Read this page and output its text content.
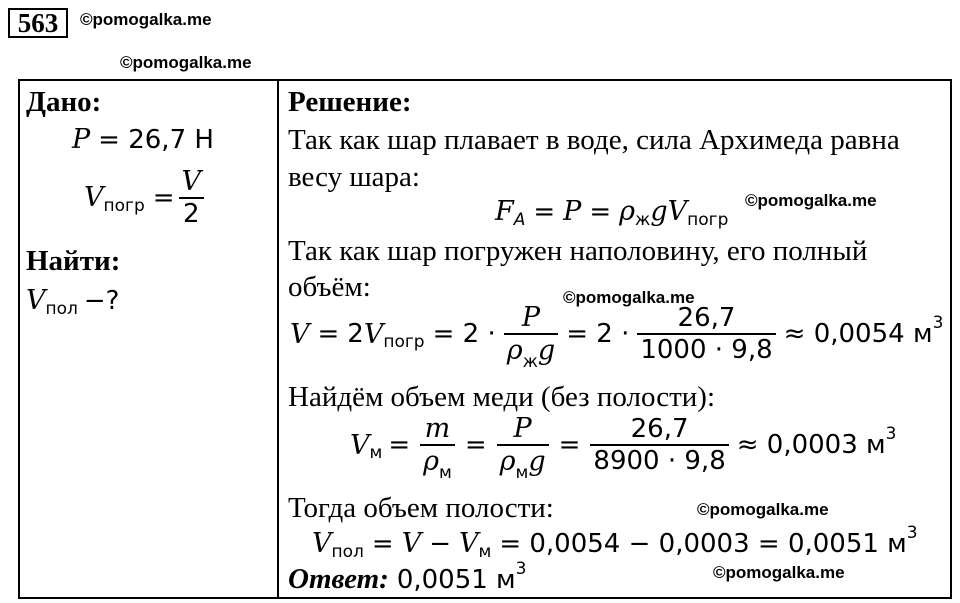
563	©pomogalka.me
©pomogalka.me
Дано:
P = 26,7 Н
V погр = $\frac{V}{2}$
Найти:
V пол −?
Решение:
Так как шар плавает в воде, сила Архимеда равна
весу шара:
F A = P = ρ ж g V погр
©pomogalka.me
Так как шар погружен наполовину, его полный
объём:	©pomogalka.me
V = 2 V погр = $2 \cdot \frac{P}{\text{ρжg}} = 2 \cdot \frac{26,7}{1000 \cdot 9,8} \approx 0,0054$ м 3
Найдём объем меди (без полости):
V $м = \frac{m}{\rho м} = \frac{P}{\text{ρмg}} = \frac{26,7}{8900 \cdot 9,8} \approx 0,0003$ м 3
Тогда объем полости:	©pomogalka.me
V пол = V − V м = 0,0054 − 0,0003 = 0,0051 м 3
Ответ: 0,0051 м 3	©pomogalka.me
